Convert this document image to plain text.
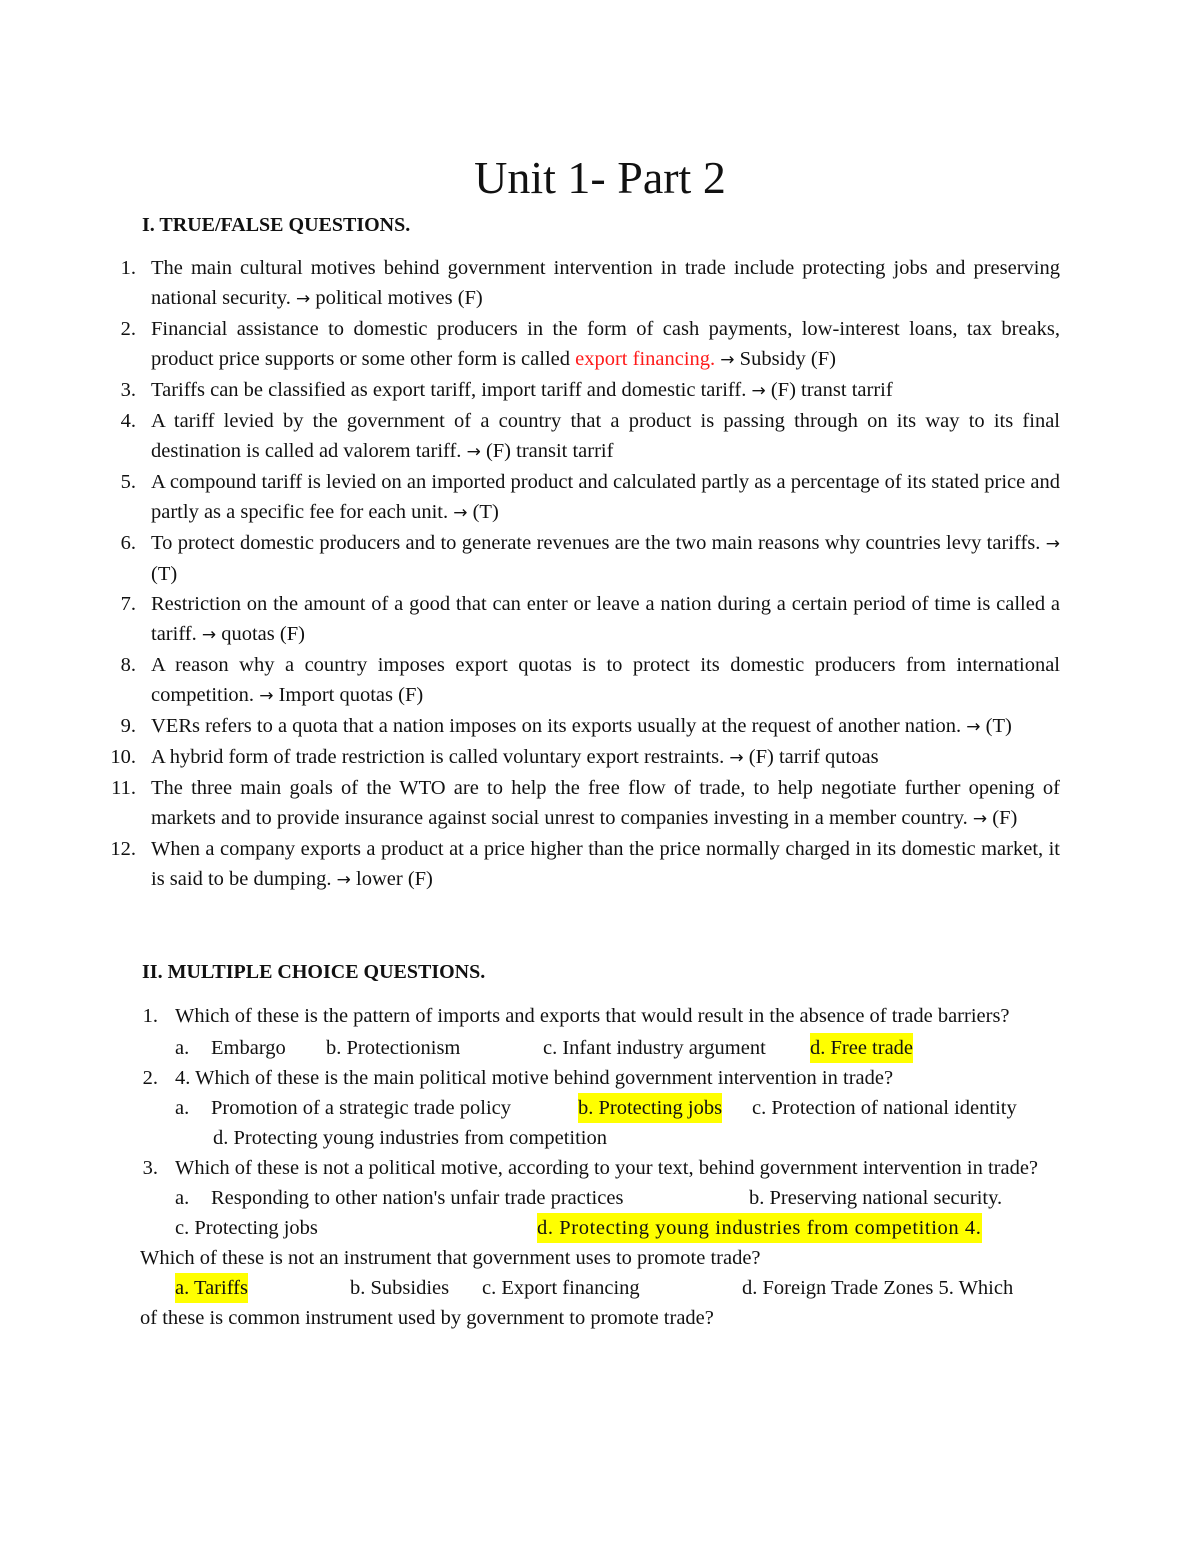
Unit 1- Part 2
I. TRUE/FALSE QUESTIONS.
1. The main cultural motives behind government intervention in trade include protecting jobs and preserving national security. → political motives (F)
2. Financial assistance to domestic producers in the form of cash payments, low-interest loans, tax breaks, product price supports or some other form is called export financing. → Subsidy (F)
3. Tariffs can be classified as export tariff, import tariff and domestic tariff. → (F) transt tarrif
4. A tariff levied by the government of a country that a product is passing through on its way to its final destination is called ad valorem tariff. → (F) transit tarrif
5. A compound tariff is levied on an imported product and calculated partly as a percentage of its stated price and partly as a specific fee for each unit. → (T)
6. To protect domestic producers and to generate revenues are the two main reasons why countries levy tariffs. → (T)
7. Restriction on the amount of a good that can enter or leave a nation during a certain period of time is called a tariff. → quotas (F)
8. A reason why a country imposes export quotas is to protect its domestic producers from international competition. → Import quotas (F)
9. VERs refers to a quota that a nation imposes on its exports usually at the request of another nation. → (T)
10. A hybrid form of trade restriction is called voluntary export restraints. → (F) tarrif qutoas
11. The three main goals of the WTO are to help the free flow of trade, to help negotiate further opening of markets and to provide insurance against social unrest to companies investing in a member country. → (F)
12. When a company exports a product at a price higher than the price normally charged in its domestic market, it is said to be dumping. → lower (F)
II. MULTIPLE CHOICE QUESTIONS.
1. Which of these is the pattern of imports and exports that would result in the absence of trade barriers?
a. Embargo b. Protectionism	c. Infant industry argument d. Free trade
2. 4. Which of these is the main political motive behind government intervention in trade?
a. Promotion of a strategic trade policy	b. Protecting jobs c. Protection of national identity
d. Protecting young industries from competition
3. Which of these is not a political motive, according to your text, behind government intervention in trade?
a. Responding to other nation's unfair trade practices	b. Preserving national security.
c. Protecting jobs	d. Protecting young industries from competition 4.
Which of these is not an instrument that government uses to promote trade?
a. Tariffs	b. Subsidies c. Export financing	d. Foreign Trade Zones 5. Which
of these is common instrument used by government to promote trade?
